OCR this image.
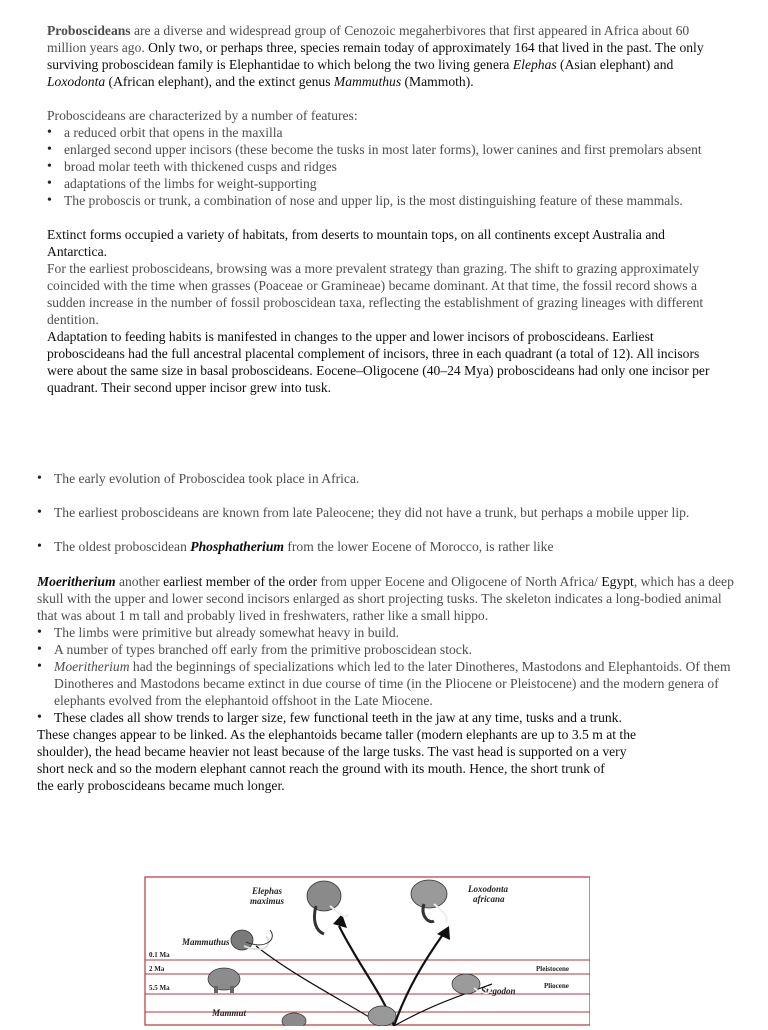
Proboscideans are a diverse and widespread group of Cenozoic megaherbivores that first appeared in Africa about 60 million years ago. Only two, or perhaps three, species remain today of approximately 164 that lived in the past. The only surviving proboscidean family is Elephantidae to which belong the two living genera Elephas (Asian elephant) and Loxodonta (African elephant), and the extinct genus Mammuthus (Mammoth).

Proboscideans are characterized by a number of features:

• a reduced orbit that opens in the maxilla
• enlarged second upper incisors (these become the tusks in most later forms), lower canines and first premolars absent
• broad molar teeth with thickened cusps and ridges
• adaptations of the limbs for weight-supporting
• The proboscis or trunk, a combination of nose and upper lip, is the most distinguishing feature of these mammals.

Extinct forms occupied a variety of habitats, from deserts to mountain tops, on all continents except Australia and Antarctica.

For the earliest proboscideans, browsing was a more prevalent strategy than grazing. The shift to grazing approximately coincided with the time when grasses (Poaceae or Gramineae) became dominant. At that time, the fossil record shows a sudden increase in the number of fossil proboscidean taxa, reflecting the establishment of grazing lineages with different dentition.

Adaptation to feeding habits is manifested in changes to the upper and lower incisors of proboscideans. Earliest proboscideans had the full ancestral placental complement of incisors, three in each quadrant (a total of 12). All incisors were about the same size in basal proboscideans. Eocene–Oligocene (40–24 Mya) proboscideans had only one incisor per quadrant. Their second upper incisor grew into tusk.

• The early evolution of Proboscidea took place in Africa.
• The earliest proboscideans are known from late Paleocene; they did not have a trunk, but perhaps a mobile upper lip.
• The oldest proboscidean Phosphatherium from the lower Eocene of Morocco, is rather like

Moeritherium another earliest member of the order from upper Eocene and Oligocene of North Africa/ Egypt, which has a deep skull with the upper and lower second incisors enlarged as short projecting tusks. The skeleton indicates a long-bodied animal that was about 1 m tall and probably lived in freshwaters, rather like a small hippo.

• The limbs were primitive but already somewhat heavy in build.
• A number of types branched off early from the primitive proboscidean stock.
• Moeritherium had the beginnings of specializations which led to the later Dinotheres, Mastodons and Elephantoids. Of them Dinotheres and Mastodons became extinct in due course of time (in the Pliocene or Pleistocene) and the modern genera of elephants evolved from the elephantoid offshoot in the Late Miocene.
• These clades all show trends to larger size, few functional teeth in the jaw at any time, tusks and a trunk.

These changes appear to be linked. As the elephantoids became taller (modern elephants are up to 3.5 m at the

shoulder), the head became heavier not least because of the large tusks. The vast head is supported on a very

short neck and so the modern elephant cannot reach the ground with its mouth. Hence, the short trunk of

the early proboscideans became much longer.

Elephas
maximus
Loxodonta
africana
Mammuthus
Stegodon
Mammut
0.1 Ma
2 Ma
5.5 Ma
Pleistocene
Pliocene
